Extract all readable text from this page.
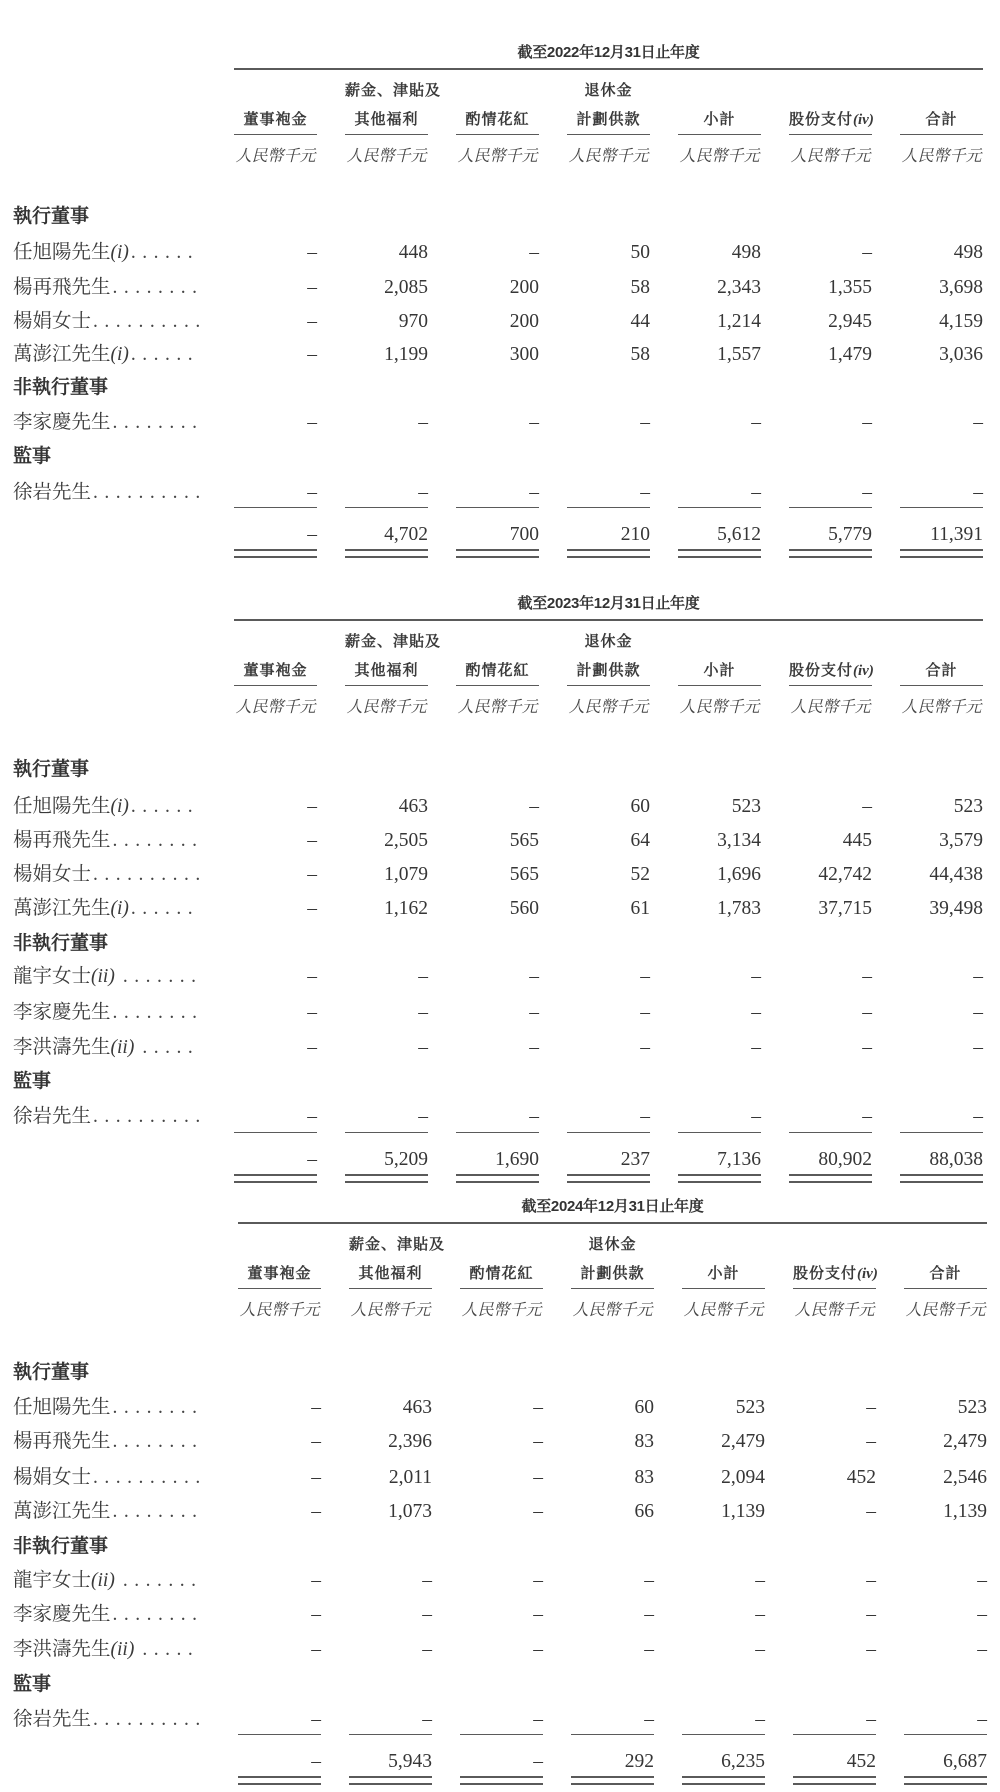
截至2022年12月31日止年度
薪金、津貼及	退休金
董事袍金	其他福利	酌情花紅	計劃供款	小計	股份支付(iv)	合計
人民幣千元 人民幣千元 人民幣千元 人民幣千元 人民幣千元 人民幣千元 人民幣千元
執行董事
任旭陽先生 (i) .....	–	448	–	50	498	–	498
楊再飛先生 .....	–	2,085	200	58	2,343	1,355	3,698
楊娟女士 .....	–	970	200	44	1,214	2,945	4,159
萬澎江先生 (i) .....	–	1,199	300	58	1,557	1,479	3,036
非執行董事
李家慶先生 .....	–	–	–	–	–	–	–
監事
徐岩先生 .....	–	–	–	–	–	–	–
–	4,702	700	210	5,612	5,779	11,391
截至2023年12月31日止年度
薪金、津貼及	退休金
董事袍金	其他福利	酌情花紅	計劃供款	小計	股份支付(iv)	合計
人民幣千元 人民幣千元 人民幣千元 人民幣千元 人民幣千元 人民幣千元 人民幣千元
執行董事
任旭陽先生 (i) .....	–	463	–	60	523	–	523
楊再飛先生 .....	–	2,505	565	64	3,134	445	3,579
楊娟女士 .....	–	1,079	565	52	1,696	42,742	44,438
萬澎江先生 (i) .....	–	1,162	560	61	1,783	37,715	39,498
非執行董事
龍宇女士 (ii) .....	–	–	–	–	–	–	–
李家慶先生 .....	–	–	–	–	–	–	–
李洪濤先生 (ii) .....	–	–	–	–	–	–	–
監事
徐岩先生 .....	–	–	–	–	–	–	–
–	5,209	1,690	237	7,136	80,902	88,038
截至2024年12月31日止年度
薪金、津貼及	退休金
董事袍金	其他福利	酌情花紅	計劃供款	小計	股份支付(iv)	合計
人民幣千元 人民幣千元 人民幣千元 人民幣千元 人民幣千元 人民幣千元 人民幣千元
執行董事
任旭陽先生 .....	–	463	–	60	523	–	523
楊再飛先生 .....	–	2,396	–	83	2,479	–	2,479
楊娟女士 .....	–	2,011	–	83	2,094	452	2,546
萬澎江先生 .....	–	1,073	–	66	1,139	–	1,139
非執行董事
龍宇女士 (ii) .....	–	–	–	–	–	–	–
李家慶先生 .....	–	–	–	–	–	–	–
李洪濤先生 (ii) .....	–	–	–	–	–	–	–
監事
徐岩先生 .....	–	–	–	–	–	–	–
–	5,943	–	292	6,235	452	6,687
